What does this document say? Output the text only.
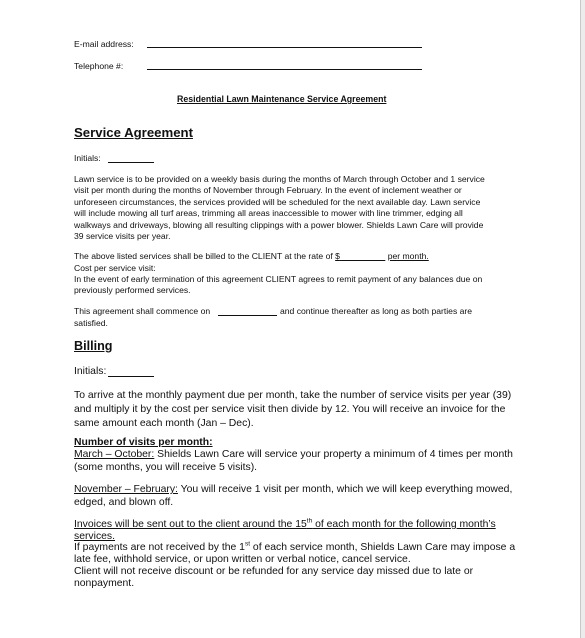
E-mail address:
Telephone #:
Residential Lawn Maintenance Service Agreement
Service Agreement
Initials:
Lawn service is to be provided on a weekly basis during the months of March through October and 1 service
visit per month during the months of November through February. In the event of inclement weather or
unforeseen circumstances, the services provided will be scheduled for the next available day. Lawn service
will include mowing all turf areas, trimming all areas inaccessible to mower with line trimmer, edging all
walkways and driveways, blowing all resulting clippings with a power blower. Shields Lawn Care will provide
39 service visits per year.
The above listed services shall be billed to the CLIENT at the rate of $	per month.
Cost per service visit:
In the event of early termination of this agreement CLIENT agrees to remit payment of any balances due on
previously performed services.
This agreement shall commence on	and continue thereafter as long as both parties are
satisfied.
Billing
Initials:
To arrive at the monthly payment due per month, take the number of service visits per year (39)
and multiply it by the cost per service visit then divide by 12. You will receive an invoice for the
same amount each month (Jan – Dec).
Number of visits per month:
March – October: Shields Lawn Care will service your property a minimum of 4 times per month
(some months, you will receive 5 visits).
November – February: You will receive 1 visit per month, which we will keep everything mowed,
edged, and blown off.
Invoices will be sent out to the client around the 15th of each month for the following month’s
services.
If payments are not received by the 1st of each service month, Shields Lawn Care may impose a
late fee, withhold service, or upon written or verbal notice, cancel service.
Client will not receive discount or be refunded for any service day missed due to late or
nonpayment.
